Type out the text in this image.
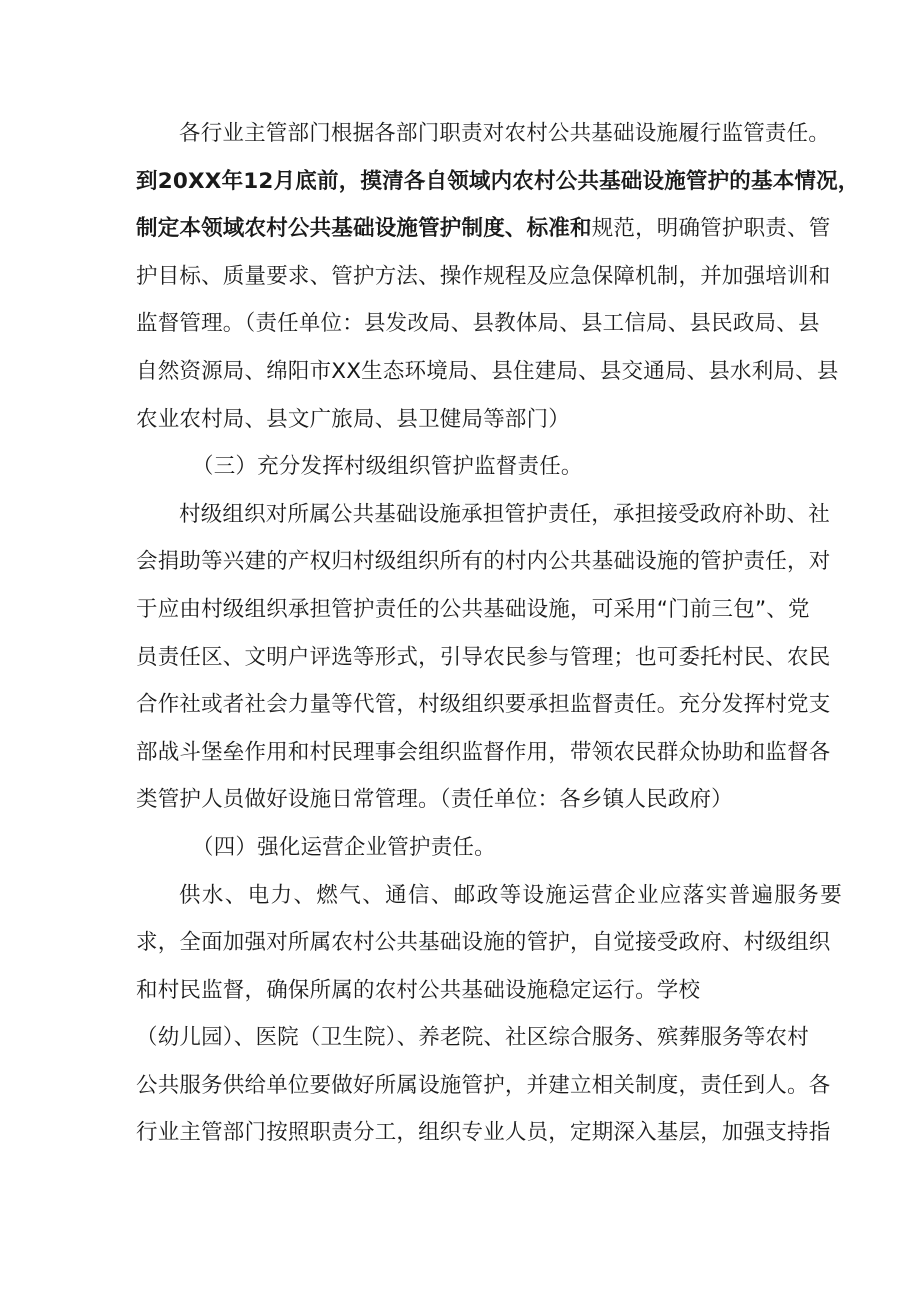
各行业主管部门根据各部门职责对农村公共基础设施履行监管责任。
到20XX年12月底前，摸清各自领域内农村公共基础设施管护的基本情况，
制定本领域农村公共基础设施管护制度、标准和规范，明确管护职责、管
护目标、质量要求、管护方法、操作规程及应急保障机制，并加强培训和
监督管理。（责任单位：县发改局、县教体局、县工信局、县民政局、县
自然资源局、绵阳市XX生态环境局、县住建局、县交通局、县水利局、县
农业农村局、县文广旅局、县卫健局等部门）
（三）充分发挥村级组织管护监督责任。
村级组织对所属公共基础设施承担管护责任，承担接受政府补助、社
会捐助等兴建的产权归村级组织所有的村内公共基础设施的管护责任，对
于应由村级组织承担管护责任的公共基础设施，可采用“门前三包”、党
员责任区、文明户评选等形式，引导农民参与管理；也可委托村民、农民
合作社或者社会力量等代管，村级组织要承担监督责任。充分发挥村党支
部战斗堡垒作用和村民理事会组织监督作用，带领农民群众协助和监督各
类管护人员做好设施日常管理。（责任单位：各乡镇人民政府）
（四）强化运营企业管护责任。
供水、电力、燃气、通信、邮政等设施运营企业应落实普遍服务要
求，全面加强对所属农村公共基础设施的管护，自觉接受政府、村级组织
和村民监督，确保所属的农村公共基础设施稳定运行。学校
（幼儿园）、医院（卫生院）、养老院、社区综合服务、殡葬服务等农村
公共服务供给单位要做好所属设施管护，并建立相关制度，责任到人。各
行业主管部门按照职责分工，组织专业人员，定期深入基层，加强支持指
